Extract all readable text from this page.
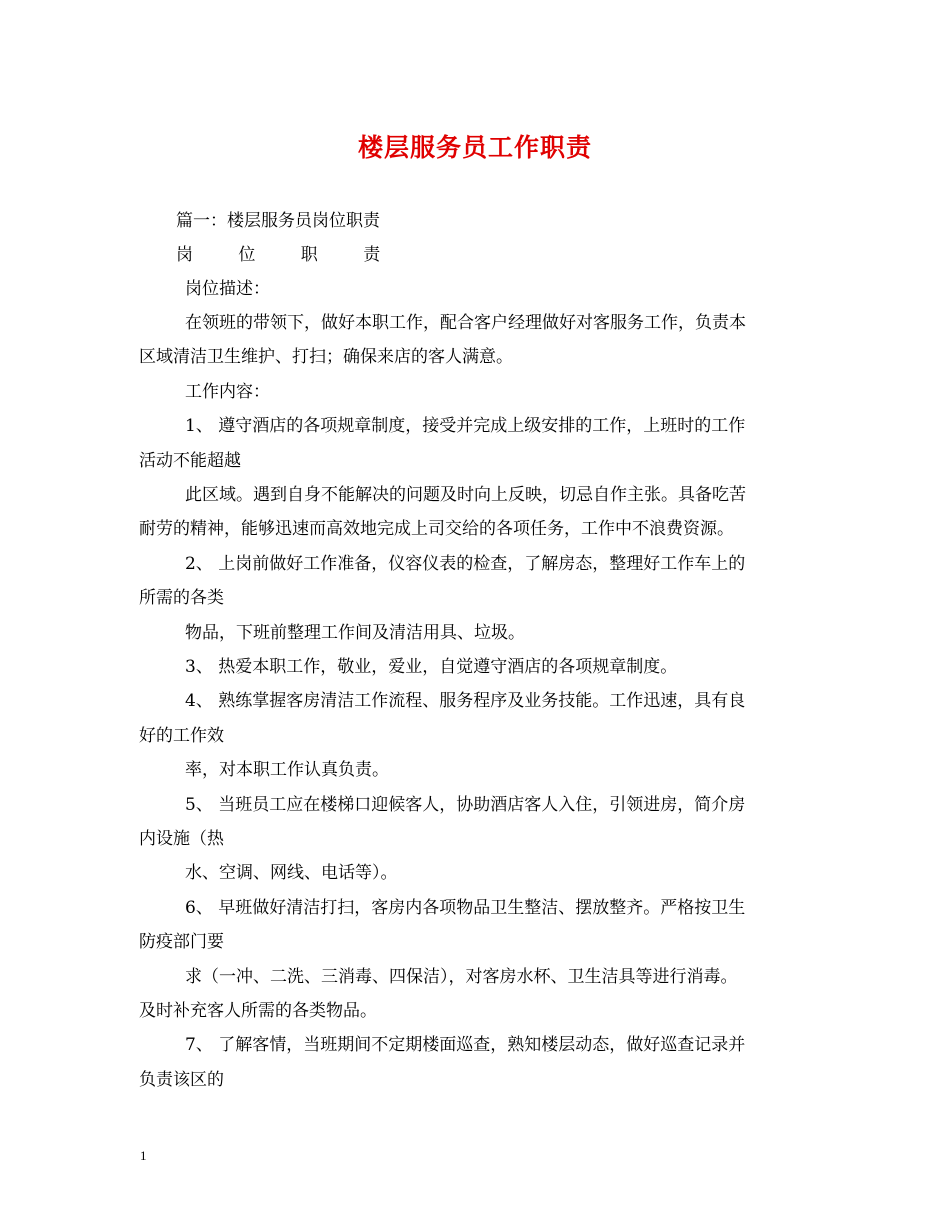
楼层服务员工作职责
篇一：楼层服务员岗位职责
岗 位 职 责
岗位描述：
在领班的带领下，做好本职工作，配合客户经理做好对客服务工作，负责本
区域清洁卫生维护、打扫；确保来店的客人满意。
工作内容：
1、 遵守酒店的各项规章制度，接受并完成上级安排的工作，上班时的工作
活动不能超越
此区域。遇到自身不能解决的问题及时向上反映，切忌自作主张。具备吃苦
耐劳的精神，能够迅速而高效地完成上司交给的各项任务，工作中不浪费资源。
2、 上岗前做好工作准备，仪容仪表的检查，了解房态，整理好工作车上的
所需的各类
物品，下班前整理工作间及清洁用具、垃圾。
3、 热爱本职工作，敬业，爱业，自觉遵守酒店的各项规章制度。
4、 熟练掌握客房清洁工作流程、服务程序及业务技能。工作迅速，具有良
好的工作效
率，对本职工作认真负责。
5、 当班员工应在楼梯口迎候客人，协助酒店客人入住，引领进房，简介房
内设施（热
水、空调、网线、电话等）。
6、 早班做好清洁打扫，客房内各项物品卫生整洁、摆放整齐。严格按卫生
防疫部门要
求（一冲、二洗、三消毒、四保洁），对客房水杯、卫生洁具等进行消毒。
及时补充客人所需的各类物品。
7、 了解客情，当班期间不定期楼面巡查，熟知楼层动态，做好巡查记录并
负责该区的
1
